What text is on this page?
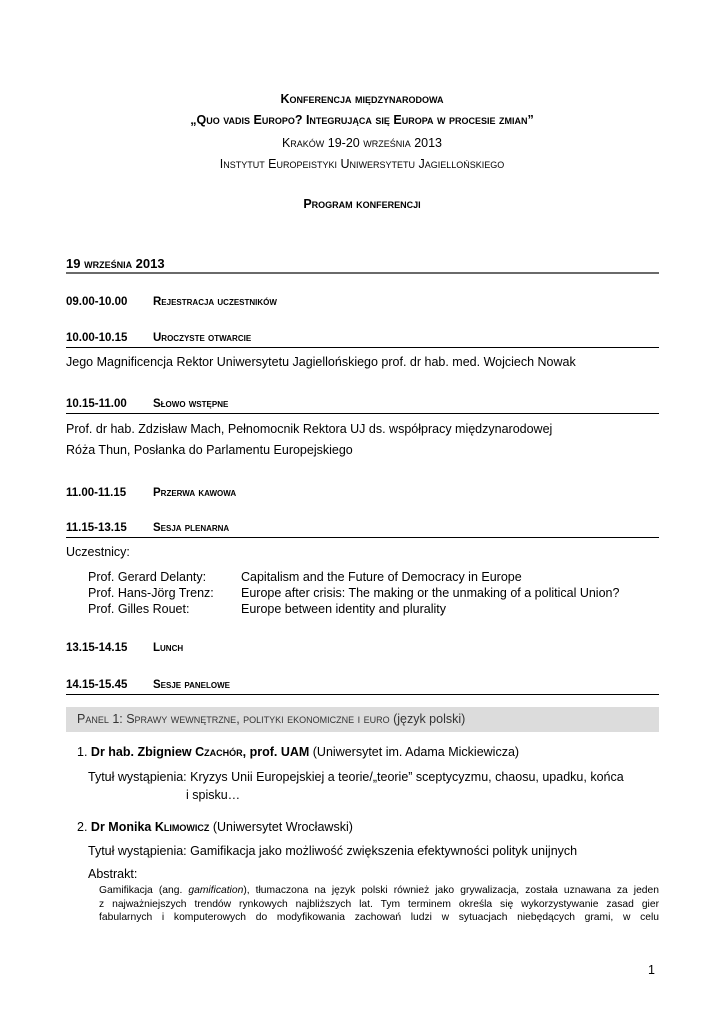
Konferencja międzynarodowa
„Quo vadis Europo? Integrująca się Europa w procesie zmian”
Kraków 19-20 września 2013
Instytut Europeistyki Uniwersytetu Jagiellońskiego
Program konferencji
19 września 2013
09.00-10.00 Rejestracja uczestników
10.00-10.15 Uroczyste otwarcie
Jego Magnificencja Rektor Uniwersytetu Jagiellońskiego prof. dr hab. med. Wojciech Nowak
10.15-11.00 Słowo wstępne
Prof. dr hab. Zdzisław Mach, Pełnomocnik Rektora UJ ds. współpracy międzynarodowej
Róża Thun, Posłanka do Parlamentu Europejskiego
11.00-11.15 Przerwa kawowa
11.15-13.15 Sesja plenarna
Uczestnicy:
Prof. Gerard Delanty:	Capitalism and the Future of Democracy in Europe
Prof. Hans-Jörg Trenz: Europe after crisis: The making or the unmaking of a political Union?
Prof. Gilles Rouet:	Europe between identity and plurality
13.15-14.15 Lunch
14.15-15.45 Sesje panelowe
Panel 1: Sprawy wewnętrzne, polityki ekonomiczne i euro (język polski)
1. Dr hab. Zbigniew Czachór, prof. UAM (Uniwersytet im. Adama Mickiewicza)
Tytuł wystąpienia: Kryzys Unii Europejskiej a teorie/„teorie” sceptycyzmu, chaosu, upadku, końca
i spisku…
2. Dr Monika Klimowicz (Uniwersytet Wrocławski)
Tytuł wystąpienia: Gamifikacja jako możliwość zwiększenia efektywności polityk unijnych
Abstrakt:
Gamifikacja (ang. gamification), tłumaczona na język polski również jako grywalizacja, została uznawana za jeden
z najważniejszych trendów rynkowych najbliższych lat. Tym terminem określa się wykorzystywanie zasad gier
fabularnych i komputerowych do modyfikowania zachowań ludzi w sytuacjach niebędących grami, w celu
1
